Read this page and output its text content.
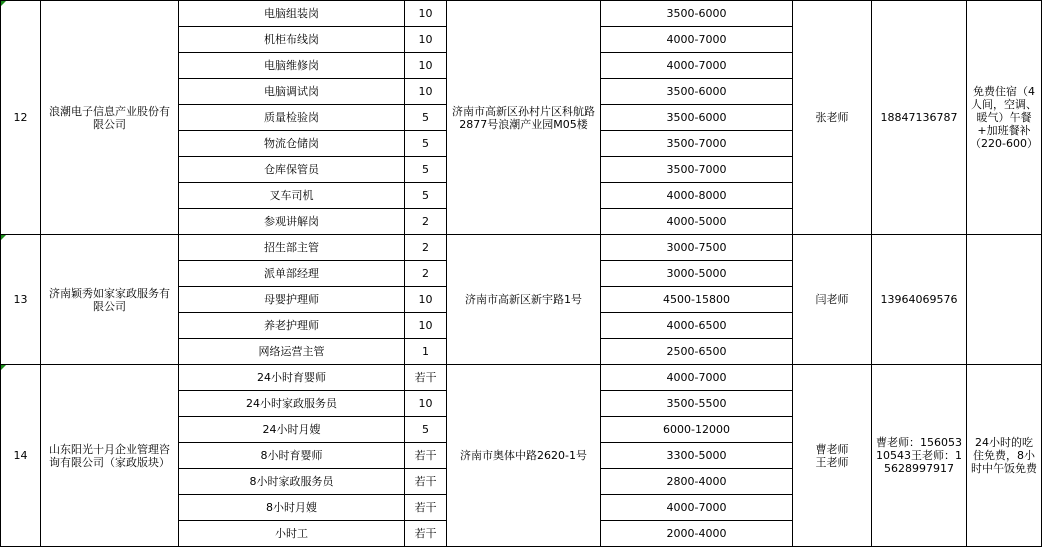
12	浪潮电子信息产业股份有限公司	电脑组装岗	10	济南市高新区孙村片区科航路2877号浪潮产业园M05楼	3500-6000	张老师	18847136787	免费住宿（4人间，空调、暖气）午餐+加班餐补（220-600）
		机柜布线岗	10		4000-7000			
		电脑维修岗	10		4000-7000			
		电脑调试岗	10		3500-6000			
		质量检验岗	5		3500-6000			
		物流仓储岗	5		3500-7000			
		仓库保管员	5		3500-7000			
		叉车司机	5		4000-8000			
		参观讲解岗	2		4000-5000			

13	济南颖秀如家家政服务有限公司	招生部主管	2	济南市高新区新宇路1号	3000-7500	闫老师	13964069576	
		派单部经理	2		3000-5000			
		母婴护理师	10		4500-15800			
		养老护理师	10		4000-6500			
		网络运营主管	1		2500-6500			

14	山东阳光十月企业管理咨询有限公司（家政版块）	24小时育婴师	若干	济南市奥体中路2620-1号	4000-7000	曹老师王老师	曹老师：15605310543王老师：15628997917	24小时的吃住免费，8小时中午饭免费
		24小时家政服务员	10		3500-5500			
		24小时月嫂	5		6000-12000			
		8小时育婴师	若干		3300-5000			
		8小时家政服务员	若干		2800-4000			
		8小时月嫂	若干		4000-7000			
		小时工	若干		2000-4000			
